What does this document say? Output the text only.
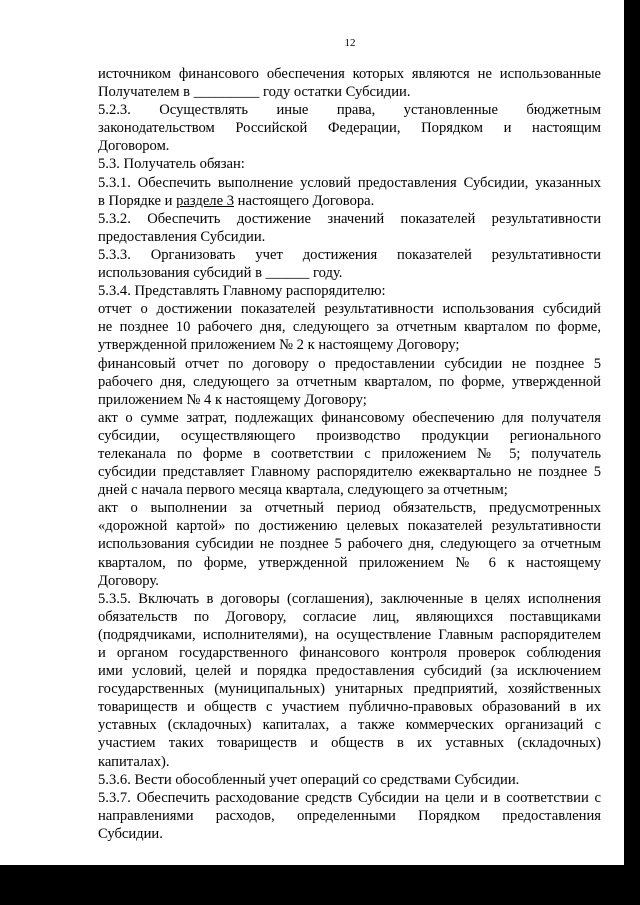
12

источником финансового обеспечения которых являются не использованные

Получателем в _________ году остатки Субсидии.

5.2.3. Осуществлять иные права, установленные бюджетным

законодательством Российской Федерации, Порядком и настоящим

Договором.

5.3. Получатель обязан:

5.3.1. Обеспечить выполнение условий предоставления Субсидии, указанных

в Порядке и разделе 3 настоящего Договора.

5.3.2. Обеспечить достижение значений показателей результативности

предоставления Субсидии.

5.3.3. Организовать учет достижения показателей результативности

использования субсидий в ______ году.

5.3.4. Представлять Главному распорядителю:

отчет о достижении показателей результативности использования субсидий

не позднее 10 рабочего дня, следующего за отчетным кварталом по форме,

утвержденной приложением № 2 к настоящему Договору;

финансовый отчет по договору о предоставлении субсидии не позднее 5

рабочего дня, следующего за отчетным кварталом, по форме, утвержденной

приложением № 4 к настоящему Договору;

акт о сумме затрат, подлежащих финансовому обеспечению для получателя

субсидии, осуществляющего производство продукции регионального

телеканала по форме в соответствии с приложением № 5; получатель

субсидии представляет Главному распорядителю ежеквартально не позднее 5

дней с начала первого месяца квартала, следующего за отчетным;

акт о выполнении за отчетный период обязательств, предусмотренных

«дорожной картой» по достижению целевых показателей результативности

использования субсидии не позднее 5 рабочего дня, следующего за отчетным

кварталом, по форме, утвержденной приложением № 6 к настоящему

Договору.

5.3.5. Включать в договоры (соглашения), заключенные в целях исполнения

обязательств по Договору, согласие лиц, являющихся поставщиками

(подрядчиками, исполнителями), на осуществление Главным распорядителем

и органом государственного финансового контроля проверок соблюдения

ими условий, целей и порядка предоставления субсидий (за исключением

государственных (муниципальных) унитарных предприятий, хозяйственных

товариществ и обществ с участием публично-правовых образований в их

уставных (складочных) капиталах, а также коммерческих организаций с

участием таких товариществ и обществ в их уставных (складочных)

капиталах).

5.3.6. Вести обособленный учет операций со средствами Субсидии.

5.3.7. Обеспечить расходование средств Субсидии на цели и в соответствии с

направлениями расходов, определенными Порядком предоставления

Субсидии.
